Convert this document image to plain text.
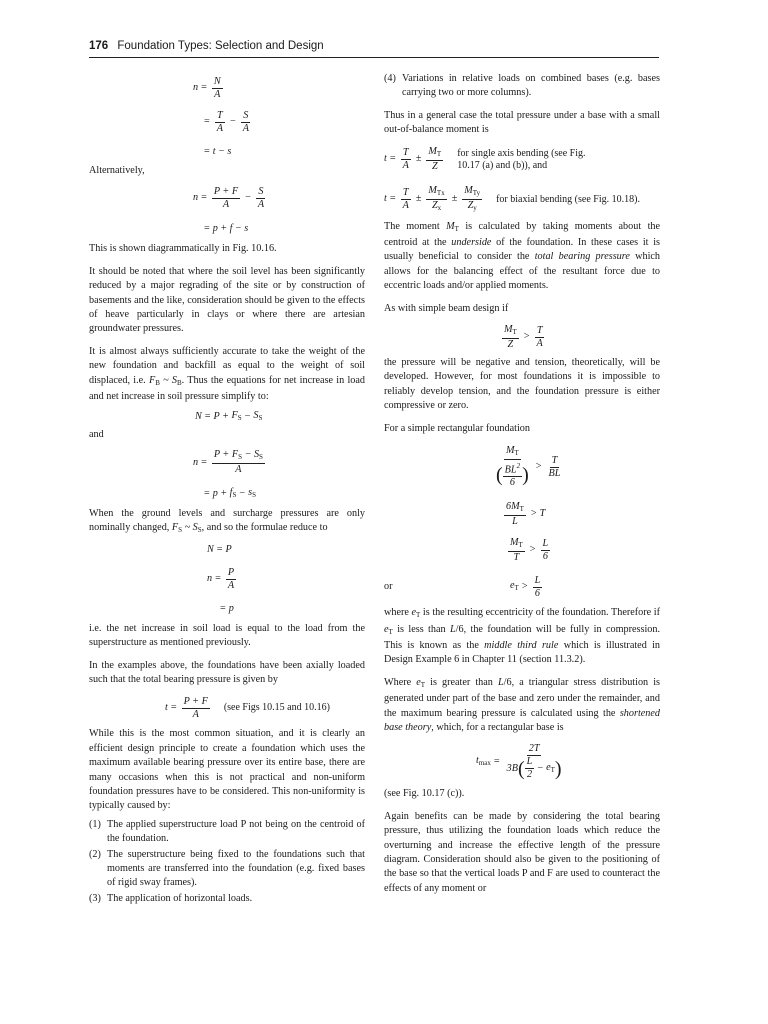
176 Foundation Types: Selection and Design
$n = \frac{N}{A}$
= $\frac{T}{A} - \frac{S}{A}$
= t − s
Alternatively,
$n = \frac{P + F}{A} - \frac{S}{A}$
= p + f − s

This is shown diagrammatically in Fig. 10.16.

It should be noted that where the soil level has been significantly reduced by a major regrading of the site or by construction of basements and the like, consideration should be given to the effects of heave particularly in clays or where there are artesian groundwater pressures.

It is almost always sufficiently accurate to take the weight of the new foundation and backfill as equal to the weight of soil displaced, i.e. $F_B$ ~ $S_B$. Thus the equations for net increase in load and net increase in soil pressure simplify to:

$N = P + F_S - S_S$
and
$n = \frac{P + F_S - S_S}{A}$
= $p + f_S - s_S$

When the ground levels and surcharge pressures are only nominally changed, $F_S$ ~ $S_S$, and so the formulae reduce to

N = P
$n = \frac{P}{A}$
= p

i.e. the net increase in soil load is equal to the load from the superstructure as mentioned previously.

In the examples above, the foundations have been axially loaded such that the total bearing pressure is given by

$t = \frac{P + F}{A} (see$ Figs 10.15 and 10.16)

While this is the most common situation, and it is clearly an efficient design principle to create a foundation which uses the maximum available bearing pressure over its entire base, there are many occasions when this is not practical and non-uniform foundation pressures have to be considered. This non-uniformity is typically caused by:

(1) The applied superstructure load P not being on the centroid of the foundation.
(2) The superstructure being fixed to the foundations such that moments are transferred into the foundation (e.g. fixed bases of rigid sway frames).
(3) The application of horizontal loads.
(4) Variations in relative loads on combined bases (e.g. bases carrying two or more columns).

Thus in a general case the total pressure under a base with a small out-of-balance moment is

$t = \frac{T}{A} \pm \frac{M_T}{Z}$ for single axis bending (see Fig. 10.17 (a) and (b)), and
$t = \frac{T}{A} \pm \frac{M_{Tx}}{Z_x} \pm \frac{M_{Ty}}{Z_y}$ for biaxial bending (see Fig. 10.18).

The moment $M_T$ is calculated by taking moments about the centroid at the underside of the foundation. In these cases it is usually beneficial to consider the total bearing pressure which allows for the balancing effect of the resultant force due to eccentric loads and/or applied moments.

As with simple beam design if

$\frac{M_T}{Z} > \frac{T}{A}$

the pressure will be negative and tension, theoretically, will be developed. However, for most foundations it is impossible to reliably develop tension, and the foundation pressure is either compressive or zero.

For a simple rectangular foundation

$\frac{M_T}{( \frac{BL^2}{6} )} > \frac{T}{BL}$
$\frac{6M_T}{L} > T$
$\frac{M_T}{T} > \frac{L}{6}$
or	$e_T > \frac{L}{6}$

where $e_T$ is the resulting eccentricity of the foundation. Therefore if $e_T$ is less than L/6, the foundation will be fully in compression. This is known as the middle third rule which is illustrated in Design Example 6 in Chapter 11 (section 11.3.2).

Where $e_T$ is greater than L/6, a triangular stress distribution is generated under part of the base and zero under the remainder, and the maximum bearing pressure is calculated using the shortened base theory, which, for a rectangular base is

$t_{max} = \frac{2T}{3B ( \frac{L}{2} - e_T )}$

(see Fig. 10.17 (c)).

Again benefits can be made by considering the total bearing pressure, thus utilizing the foundation loads which reduce the overturning and increase the effective length of the pressure diagram. Consideration should also be given to the positioning of the base so that the vertical loads P and F are used to counteract the effects of any moment or
